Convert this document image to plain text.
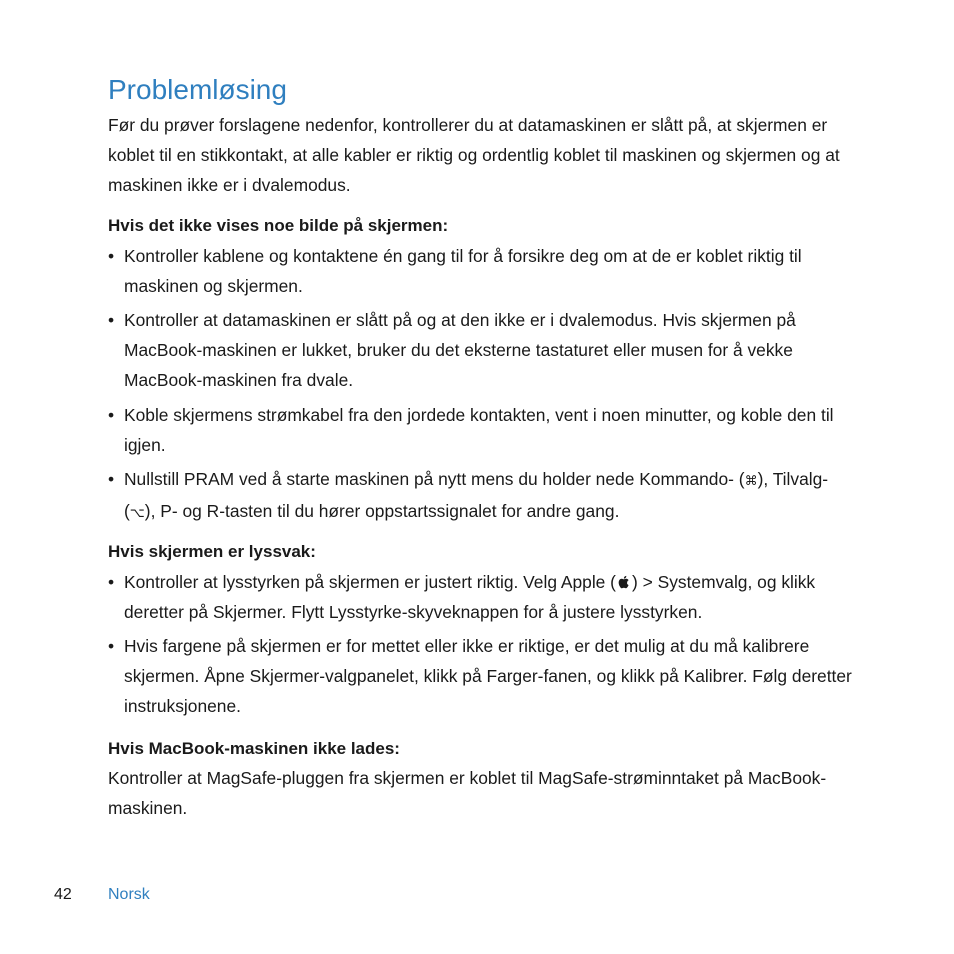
Problemløsing

Før du prøver forslagene nedenfor, kontrollerer du at datamaskinen er slått på, at skjermen er koblet til en stikkontakt, at alle kabler er riktig og ordentlig koblet til maskinen og skjermen og at maskinen ikke er i dvalemodus.

Hvis det ikke vises noe bilde på skjermen:
• Kontroller kablene og kontaktene én gang til for å forsikre deg om at de er koblet riktig til maskinen og skjermen.
• Kontroller at datamaskinen er slått på og at den ikke er i dvalemodus. Hvis skjermen på MacBook-maskinen er lukket, bruker du det eksterne tastaturet eller musen for å vekke MacBook-maskinen fra dvale.
• Koble skjermens strømkabel fra den jordede kontakten, vent i noen minutter, og koble den til igjen.
• Nullstill PRAM ved å starte maskinen på nytt mens du holder nede Kommando- (⌘), Tilvalg- (⌥), P- og R-tasten til du hører oppstartssignalet for andre gang.
Hvis skjermen er lyssvak:
• Kontroller at lysstyrken på skjermen er justert riktig. Velg Apple ( ) > Systemvalg, og klikk deretter på Skjermer. Flytt Lysstyrke-skyveknappen for å justere lysstyrken.
• Hvis fargene på skjermen er for mettet eller ikke er riktige, er det mulig at du må kalibrere skjermen. Åpne Skjermer-valgpanelet, klikk på Farger-fanen, og klikk på Kalibrer. Følg deretter instruksjonene.
Hvis MacBook-maskinen ikke lades:

Kontroller at MagSafe-pluggen fra skjermen er koblet til MagSafe-strøminntaket på MacBook-maskinen.

42 Norsk
